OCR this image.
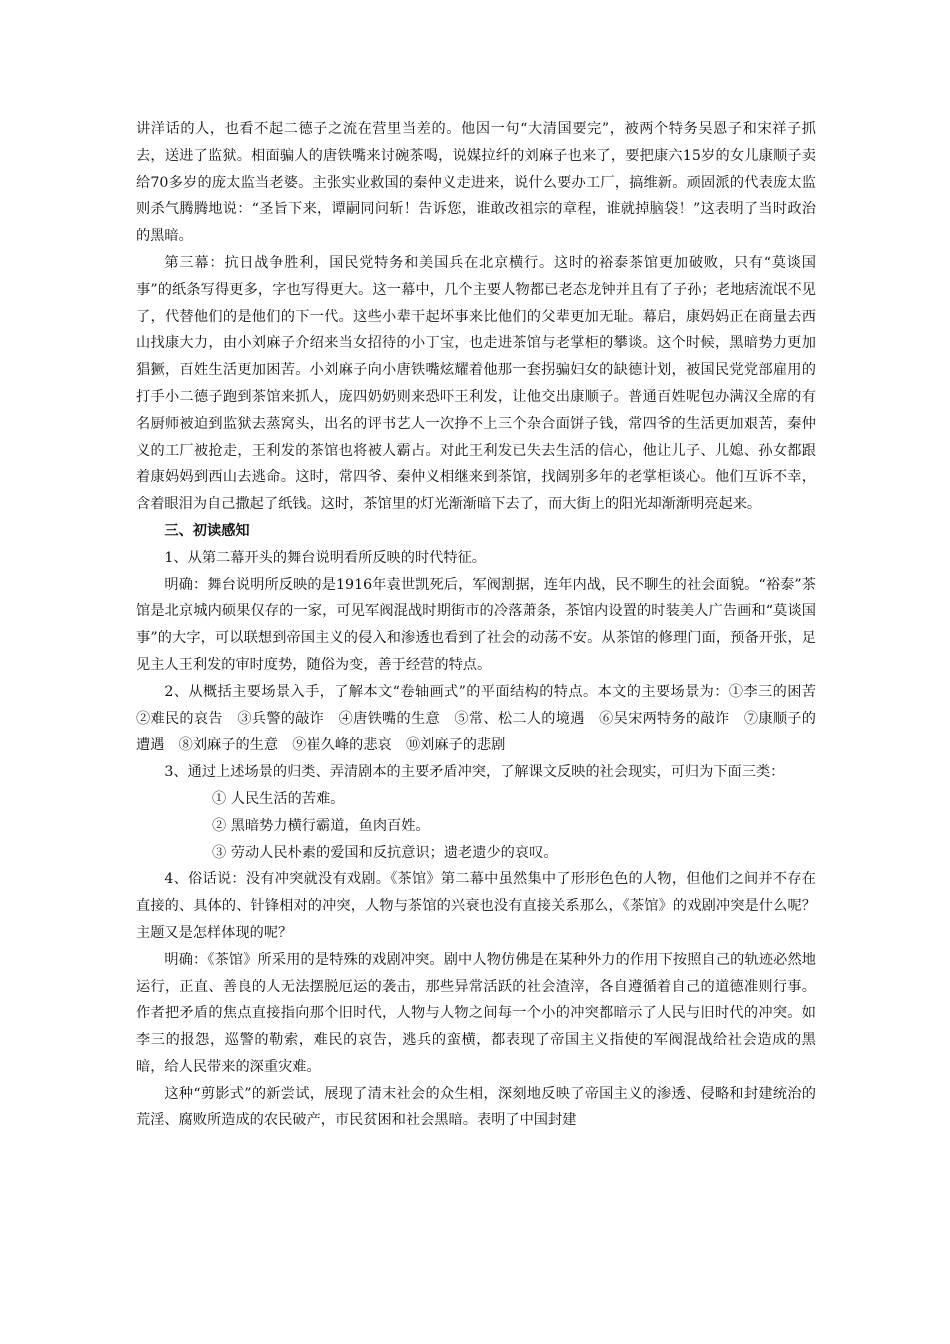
讲洋话的人，也看不起二德子之流在营里当差的。他因一句“大清国要完”，被两个特务吴恩子和宋祥子抓去，送进了监狱。相面骗人的唐铁嘴来讨碗茶喝，说媒拉纤的刘麻子也来了，要把康六15岁的女儿康顺子卖给70多岁的庞太监当老婆。主张实业救国的秦仲义走进来，说什么要办工厂，搞维新。顽固派的代表庞太监则杀气腾腾地说：“圣旨下来，谭嗣同问斩！告诉您，谁敢改祖宗的章程，谁就掉脑袋！”这表明了当时政治的黑暗。

第三幕：抗日战争胜利，国民党特务和美国兵在北京横行。这时的裕泰茶馆更加破败，只有“莫谈国事”的纸条写得更多，字也写得更大。这一幕中，几个主要人物都已老态龙钟并且有了子孙；老地痞流氓不见了，代替他们的是他们的下一代。这些小辈干起坏事来比他们的父辈更加无耻。幕启，康妈妈正在商量去西山找康大力，由小刘麻子介绍来当女招待的小丁宝，也走进茶馆与老掌柜的攀谈。这个时候，黑暗势力更加猖獗，百姓生活更加困苦。小刘麻子向小唐铁嘴炫耀着他那一套拐骗妇女的缺德计划，被国民党党部雇用的打手小二德子跑到茶馆来抓人，庞四奶奶则来恐吓王利发，让他交出康顺子。普通百姓呢包办满汉全席的有名厨师被迫到监狱去蒸窝头，出名的评书艺人一次挣不上三个杂合面饼子钱，常四爷的生活更加艰苦，秦仲义的工厂被抢走，王利发的茶馆也将被人霸占。对此王利发已失去生活的信心，他让儿子、儿媳、孙女都跟着康妈妈到西山去逃命。这时，常四爷、秦仲义相继来到茶馆，找阔别多年的老掌柜谈心。他们互诉不幸，含着眼泪为自己撒起了纸钱。这时，茶馆里的灯光渐渐暗下去了，而大街上的阳光却渐渐明亮起来。

三、初读感知

1、从第二幕开头的舞台说明看所反映的时代特征。

明确：舞台说明所反映的是1916年袁世凯死后，军阀割据，连年内战，民不聊生的社会面貌。“裕泰”茶馆是北京城内硕果仅存的一家，可见军阀混战时期街市的冷落萧条，茶馆内设置的时装美人广告画和“莫谈国事”的大字，可以联想到帝国主义的侵入和渗透也看到了社会的动荡不安。从茶馆的修理门面，预备开张，足见主人王利发的审时度势，随俗为变，善于经营的特点。

2、从概括主要场景入手，了解本文“卷轴画式”的平面结构的特点。本文的主要场景为：①李三的困苦　②难民的哀告　③兵警的敲诈　④唐铁嘴的生意　⑤常、松二人的境遇　⑥吴宋两特务的敲诈　⑦康顺子的遭遇　⑧刘麻子的生意　⑨崔久峰的悲哀　⑩刘麻子的悲剧

3、通过上述场景的归类、弄清剧本的主要矛盾冲突，了解课文反映的社会现实，可归为下面三类：

① 人民生活的苦难。

② 黑暗势力横行霸道，鱼肉百姓。

③ 劳动人民朴素的爱国和反抗意识；遗老遗少的哀叹。

4、俗话说：没有冲突就没有戏剧。《茶馆》第二幕中虽然集中了形形色色的人物，但他们之间并不存在直接的、具体的、针锋相对的冲突，人物与茶馆的兴衰也没有直接关系那么，《茶馆》的戏剧冲突是什么呢？主题又是怎样体现的呢？

明确：《茶馆》所采用的是特殊的戏剧冲突。剧中人物仿佛是在某种外力的作用下按照自己的轨迹必然地运行，正直、善良的人无法摆脱厄运的袭击，那些异常活跃的社会渣滓，各自遵循着自己的道德准则行事。作者把矛盾的焦点直接指向那个旧时代，人物与人物之间每一个小的冲突都暗示了人民与旧时代的冲突。如李三的报怨，巡警的勒索，难民的哀告，逃兵的蛮横，都表现了帝国主义指使的军阀混战给社会造成的黑暗，给人民带来的深重灾难。

这种“剪影式”的新尝试，展现了清末社会的众生相，深刻地反映了帝国主义的渗透、侵略和封建统治的荒淫、腐败所造成的农民破产，市民贫困和社会黑暗。表明了中国封建
